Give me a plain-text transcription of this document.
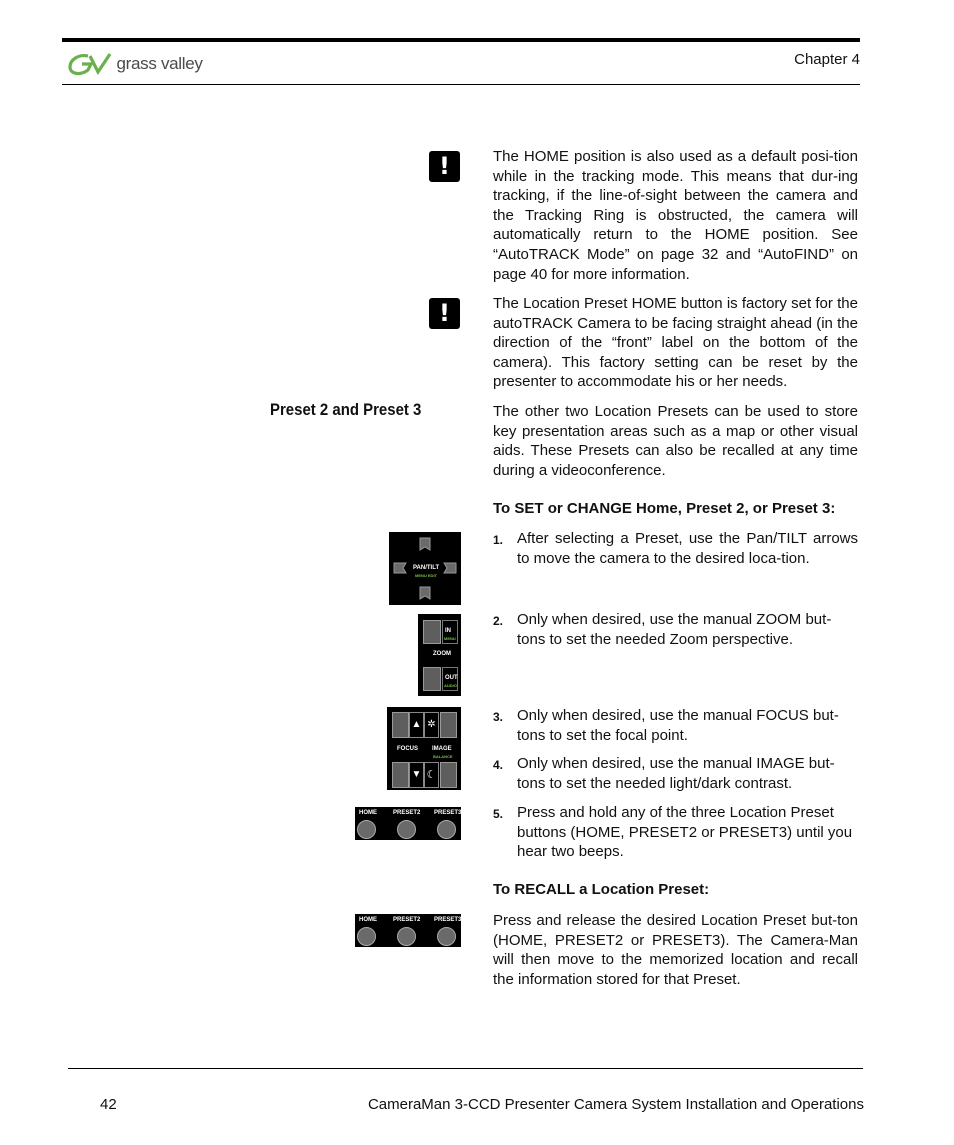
grass valley	Chapter 4
!	The HOME position is also used as a default posi-tion while in the tracking mode. This means that dur-ing tracking, if the line-of-sight between the camera and the Tracking Ring is obstructed, the camera will automatically return to the HOME position. See “AutoTRACK Mode” on page 32 and “AutoFIND” on page 40 for more information.
!	The Location Preset HOME button is factory set for the autoTRACK Camera to be facing straight ahead (in the direction of the “front” label on the bottom of the camera). This factory setting can be reset by the presenter to accommodate his or her needs.
Preset 2 and Preset 3	The other two Location Presets can be used to store key presentation areas such as a map or other visual aids. These Presets can also be recalled at any time during a videoconference.
To SET or CHANGE Home, Preset 2, or Preset 3:
PAN/TILT
MENU EDIT
1. After selecting a Preset, use the Pan/TILT arrows to move the camera to the desired loca-tion.
IN
MENU
ZOOM
OUT
AUDIO
2. Only when desired, use the manual ZOOM but-tons to set the needed Zoom perspective.
▲ ✲
FOCUS IMAGE
BALANCE
▼ ☾
3. Only when desired, use the manual FOCUS but-tons to set the focal point.
4. Only when desired, use the manual IMAGE but-tons to set the needed light/dark contrast.
HOME	PRESET2 PRESET3	5. Press and hold any of the three Location Preset buttons (HOME, PRESET2 or PRESET3) until you hear two beeps.
To RECALL a Location Preset:
HOME	PRESET2 PRESET3 Press and release the desired Location Preset but-ton (HOME, PRESET2 or PRESET3). The Camera-Man will then move to the memorized location and recall the information stored for that Preset.
42	CameraMan 3-CCD Presenter Camera System Installation and Operations
